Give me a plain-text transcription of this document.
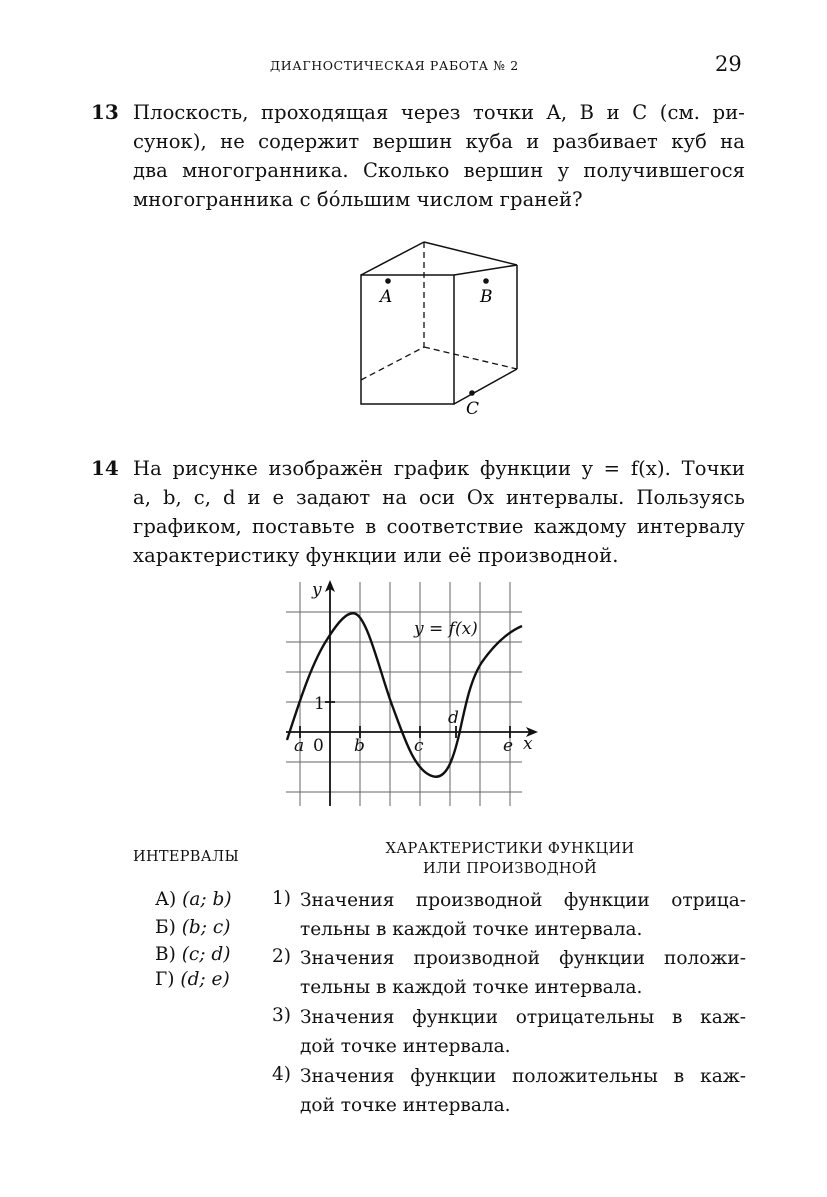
ДИАГНОСТИЧЕСКАЯ РАБОТА № 2	29
13 Плоскость, проходящая через точки A, B и C (см. ри-
сунок), не содержит вершин куба и разбивает куб на
два многогранника. Сколько вершин у получившегося
многогранника с бóльшим числом граней?
A	B
C
14 На рисунке изображён график функции y = f(x). Точки
a, b, c, d и e задают на оси Ox интервалы. Пользуясь
графиком, поставьте в соответствие каждому интервалу
характеристику функции или её производной.
y
x
0
1
a	b	c
d
e
y = f(x)
ИНТЕРВАЛЫ	ХАРАКТЕРИСТИКИ ФУНКЦИИ
ИЛИ ПРОИЗВОДНОЙ
А) (a; b)
Б) (b; c)
В) (c; d)
Г) (d; e)
1) Значения производной функции отрица-
тельны в каждой точке интервала.
2) Значения производной функции положи-
тельны в каждой точке интервала.
3) Значения функции отрицательны в каж-
дой точке интервала.
4) Значения функции положительны в каж-
дой точке интервала.
